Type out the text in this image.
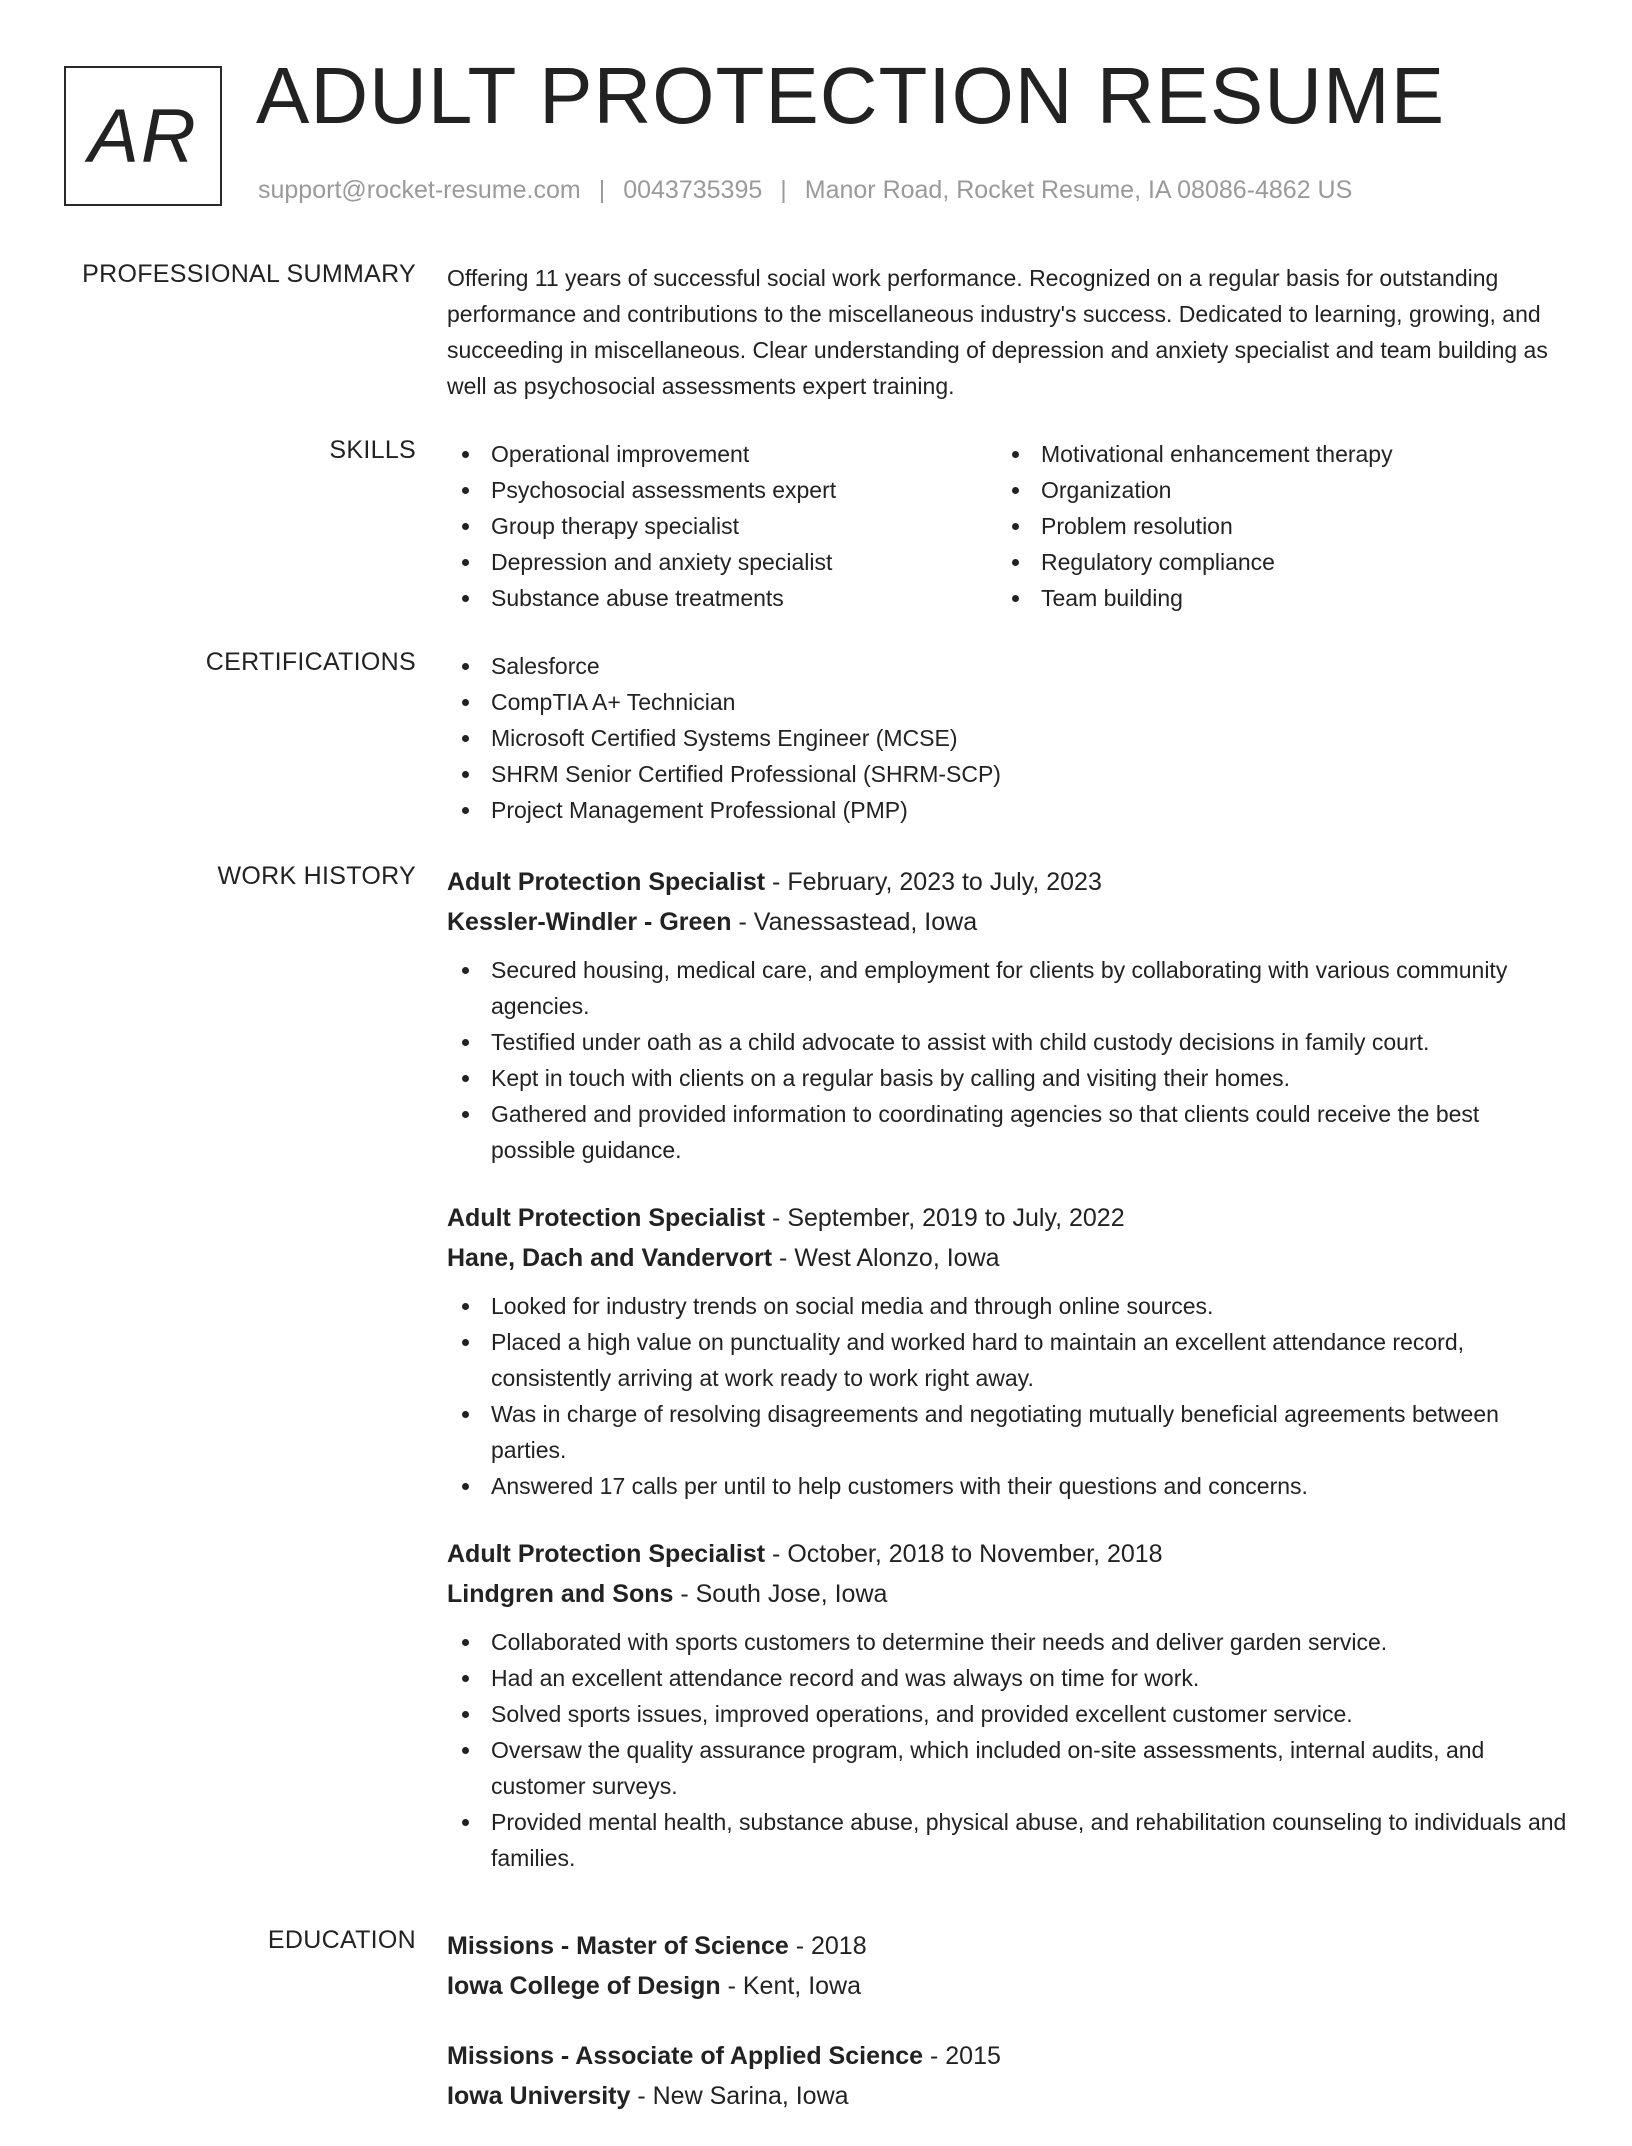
AR ADULT PROTECTION RESUME
support@rocket-resume.com | 0043735395 | Manor Road, Rocket Resume, IA 08086-4862 US
PROFESSIONAL SUMMARY Offering 11 years of successful social work performance. Recognized on a regular basis for outstanding performance and contributions to the miscellaneous industry's success. Dedicated to learning, growing, and succeeding in miscellaneous. Clear understanding of depression and anxiety specialist and team building as well as psychosocial assessments expert training.
SKILLS	Operational improvement
Psychosocial assessments expert
Group therapy specialist
Depression and anxiety specialist
Substance abuse treatments
Motivational enhancement therapy
Organization
Problem resolution
Regulatory compliance
Team building
CERTIFICATIONS	Salesforce
CompTIA A+ Technician
Microsoft Certified Systems Engineer (MCSE)
SHRM Senior Certified Professional (SHRM-SCP)
Project Management Professional (PMP)
WORK HISTORY Adult Protection Specialist - February, 2023 to July, 2023
Kessler-Windler - Green - Vanessastead, Iowa
Secured housing, medical care, and employment for clients by collaborating with various community agencies.
Testified under oath as a child advocate to assist with child custody decisions in family court.
Kept in touch with clients on a regular basis by calling and visiting their homes.
Gathered and provided information to coordinating agencies so that clients could receive the best possible guidance.
Adult Protection Specialist - September, 2019 to July, 2022
Hane, Dach and Vandervort - West Alonzo, Iowa
Looked for industry trends on social media and through online sources.
Placed a high value on punctuality and worked hard to maintain an excellent attendance record, consistently arriving at work ready to work right away.
Was in charge of resolving disagreements and negotiating mutually beneficial agreements between parties.
Answered 17 calls per until to help customers with their questions and concerns.
Adult Protection Specialist - October, 2018 to November, 2018
Lindgren and Sons - South Jose, Iowa
Collaborated with sports customers to determine their needs and deliver garden service.
Had an excellent attendance record and was always on time for work.
Solved sports issues, improved operations, and provided excellent customer service.
Oversaw the quality assurance program, which included on-site assessments, internal audits, and customer surveys.
Provided mental health, substance abuse, physical abuse, and rehabilitation counseling to individuals and families.
EDUCATION Missions - Master of Science - 2018
Iowa College of Design - Kent, Iowa
Missions - Associate of Applied Science - 2015
Iowa University - New Sarina, Iowa
